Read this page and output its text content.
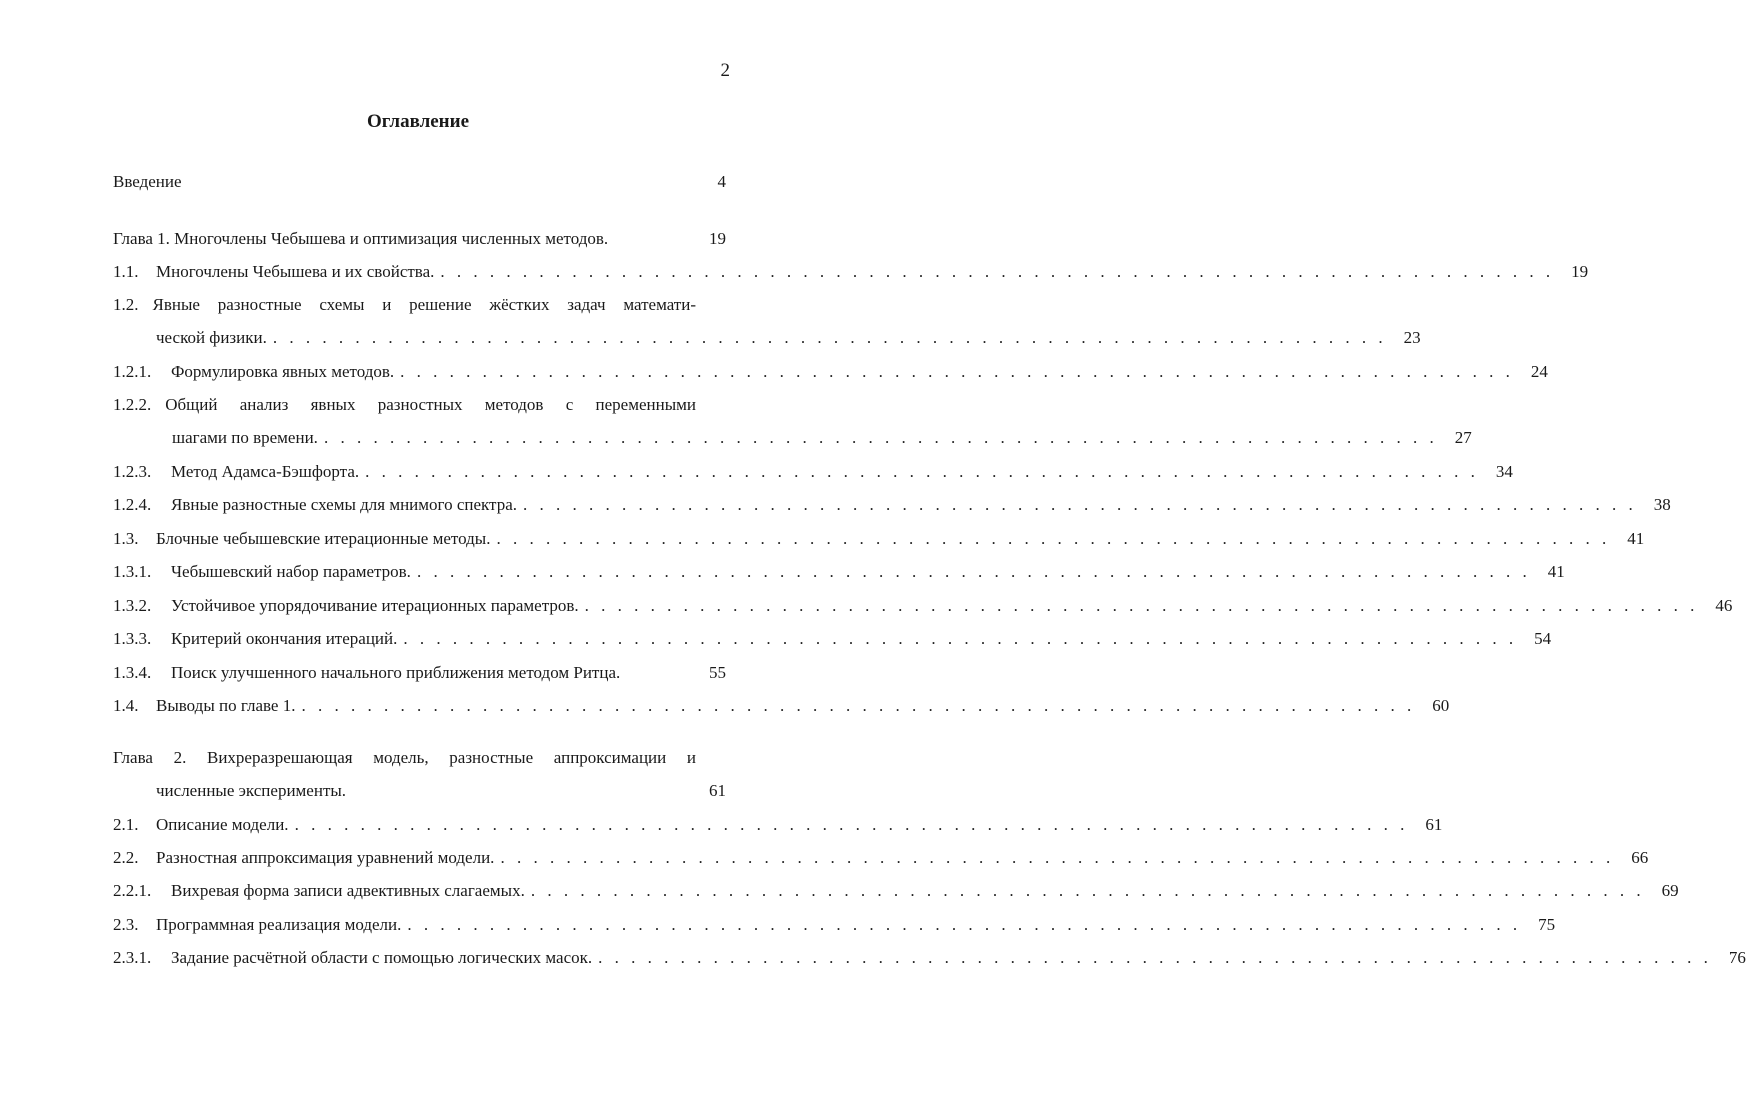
2
Оглавление
Введение	4
Глава 1. Многочлены Чебышева и оптимизация численных методов.	19
1.1.	Многочлены Чебышева и их свойства. . . .	19
1.2. Явные разностные схемы и решение жёстких задач математи-
ческой физики. . . .	23
1.2.1.	Формулировка явных методов. . . .	24
1.2.2. Общий анализ явных разностных методов с переменными
шагами по времени. . . .	27
1.2.3.	Метод Адамса-Бэшфорта. . . .	34
1.2.4.	Явные разностные схемы для мнимого спектра. . . .	38
1.3.	Блочные чебышевские итерационные методы. . . .	41
1.3.1.	Чебышевский набор параметров. . . .	41
1.3.2.	Устойчивое упорядочивание итерационных параметров. . . .	46
1.3.3.	Критерий окончания итераций. . . .	54
1.3.4.	Поиск улучшенного начального приближения методом Ритца.	55
1.4.	Выводы по главе 1. . . .	60
Глава 2. Вихреразрешающая модель, разностные аппроксимации и
численные эксперименты.	61
2.1.	Описание модели. . . .	61
2.2.	Разностная аппроксимация уравнений модели. . . .	66
2.2.1.	Вихревая форма записи адвективных слагаемых. . . .	69
2.3.	Программная реализация модели. . . .	75
2.3.1.	Задание расчётной области с помощью логических масок. . . .	76
